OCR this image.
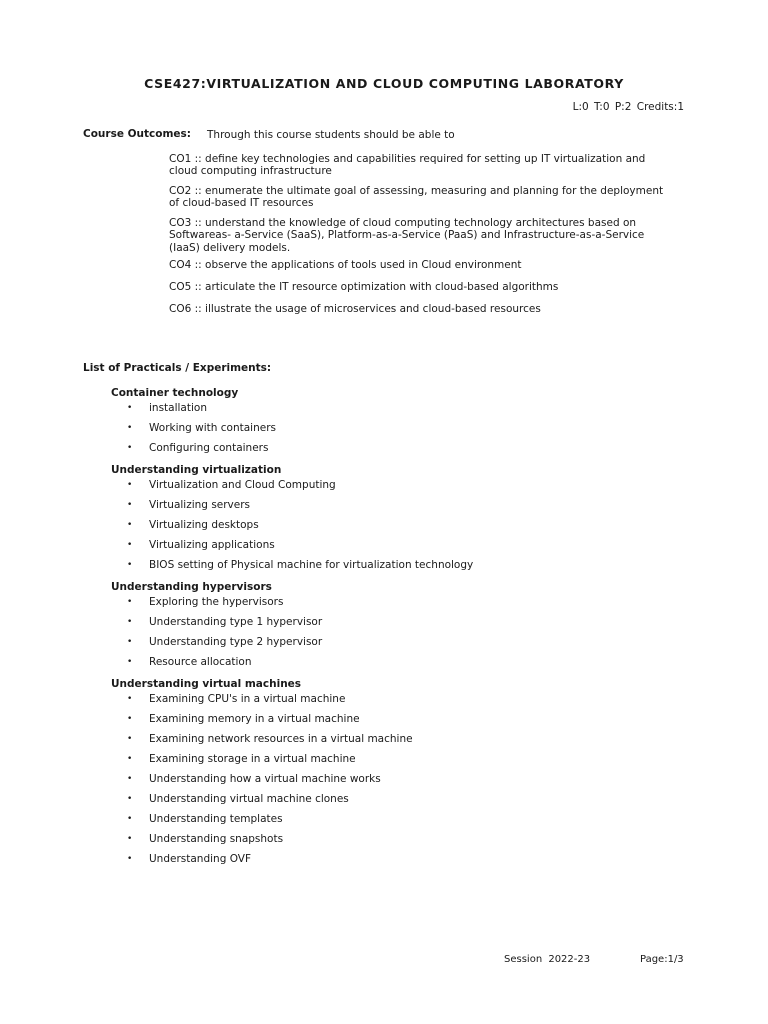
CSE427:VIRTUALIZATION AND CLOUD COMPUTING LABORATORY
L:0 T:0 P:2 Credits:1
Course Outcomes: Through this course students should be able to

CO1 :: define key technologies and capabilities required for setting up IT virtualization and cloud computing infrastructure

CO2 :: enumerate the ultimate goal of assessing, measuring and planning for the deployment of cloud-based IT resources

CO3 :: understand the knowledge of cloud computing technology architectures based on Softwareas- a-Service (SaaS), Platform-as-a-Service (PaaS) and Infrastructure-as-a-Service (IaaS) delivery models.

CO4 :: observe the applications of tools used in Cloud environment

CO5 :: articulate the IT resource optimization with cloud-based algorithms

CO6 :: illustrate the usage of microservices and cloud-based resources

List of Practicals / Experiments:
Container technology
• installation
• Working with containers
• Configuring containers
Understanding virtualization
• Virtualization and Cloud Computing
• Virtualizing servers
• Virtualizing desktops
• Virtualizing applications
• BIOS setting of Physical machine for virtualization technology
Understanding hypervisors
• Exploring the hypervisors
• Understanding type 1 hypervisor
• Understanding type 2 hypervisor
• Resource allocation
Understanding virtual machines
• Examining CPU's in a virtual machine
• Examining memory in a virtual machine
• Examining network resources in a virtual machine
• Examining storage in a virtual machine
• Understanding how a virtual machine works
• Understanding virtual machine clones
• Understanding templates
• Understanding snapshots
• Understanding OVF
Session 2022-23	Page:1/3
